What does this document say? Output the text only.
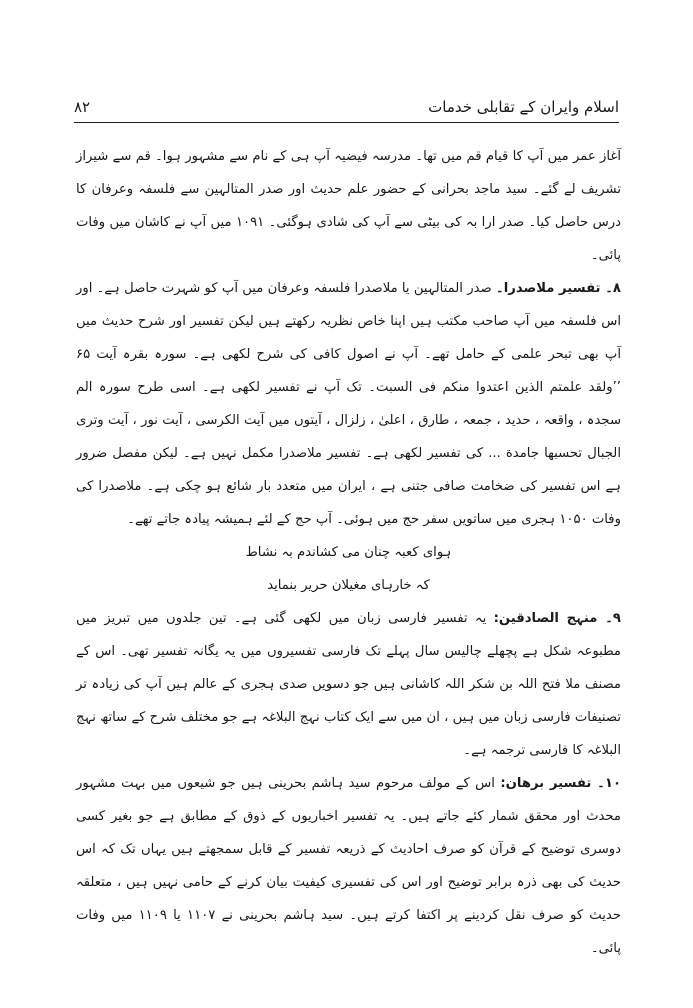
اسلام وایران کے تقابلی خدمات
۸۲

آغاز عمر میں آپ کا قیام قم میں تھا۔ مدرسہ فیضیہ آپ ہی کے نام سے مشہور ہوا۔ قم سے شیراز تشریف لے گئے۔ سید ماجد بحرانی کے حضور علم حدیث اور صدر المتالہین سے فلسفہ وعرفان کا درس حاصل کیا۔ صدر ارا بہ کی بیٹی سے آپ کی شادی ہوگئی۔ ۱۰۹۱ میں آپ نے کاشان میں وفات پائی۔

۸۔ تفسیر ملاصدرا۔ صدر المتالہین یا ملاصدرا فلسفہ وعرفان میں آپ کو شہرت حاصل ہے۔ اور اس فلسفہ میں آپ صاحب مکتب ہیں اپنا خاص نظریہ رکھتے ہیں لیکن تفسیر اور شرح حدیث میں آپ بھی تبحر علمی کے حامل تھے۔ آپ نے اصول کافی کی شرح لکھی ہے۔ سورہ بقرہ آیت ۶۵ ’’ولقد علمتم الذین اعتدوا منکم فی السبت۔ تک آپ نے تفسیر لکھی ہے۔ اسی طرح سورہ الم سجدہ ، واقعہ ، حدید ، جمعہ ، طارق ، اعلیٰ ، زلزال ، آیتوں میں آیت الکرسی ، آیت نور ، آیت وتری الجبال تحسبها جامدة ... کی تفسیر لکھی ہے۔ تفسیر ملاصدرا مکمل نہیں ہے۔ لیکن مفصل ضرور ہے اس تفسیر کی ضخامت صافی جتنی ہے ، ایران میں متعدد بار شائع ہو چکی ہے۔ ملاصدرا کی وفات ۱۰۵۰ ہجری میں ساتویں سفر حج میں ہوئی۔ آپ حج کے لئے ہمیشہ پیادہ جاتے تھے۔

ہوای کعبہ چنان می کشاندم بہ نشاط

کہ خارہای مغیلان حریر بنماید

۹۔ منہج الصادقین: یہ تفسیر فارسی زبان میں لکھی گئی ہے۔ تین جلدوں میں تبریز میں مطبوعہ شکل ہے پچھلے چالیس سال پہلے تک فارسی تفسیروں میں یہ یگانہ تفسیر تھی۔ اس کے مصنف ملا فتح اللہ بن شکر اللہ کاشانی ہیں جو دسویں صدی ہجری کے عالم ہیں آپ کی زیادہ تر تصنیفات فارسی زبان میں ہیں ، ان میں سے ایک کتاب نہج البلاغہ ہے جو مختلف شرح کے ساتھ نہج البلاغہ کا فارسی ترجمہ ہے۔

۱۰۔ تفسیر برھان: اس کے مولف مرحوم سید ہاشم بحرینی ہیں جو شیعوں میں بہت مشہور محدث اور محقق شمار کئے جاتے ہیں۔ یہ تفسیر اخباریوں کے ذوق کے مطابق ہے جو بغیر کسی دوسری توضیح کے قرآن کو صرف احادیث کے ذریعہ تفسیر کے قابل سمجھتے ہیں یہاں تک کہ اس حدیث کی بھی ذرہ برابر توضیح اور اس کی تفسیری کیفیت بیان کرنے کے حامی نہیں ہیں ، متعلقہ حدیث کو صرف نقل کردینے پر اکتفا کرتے ہیں۔ سید ہاشم بحرینی نے ۱۱۰۷ یا ۱۱۰۹ میں وفات پائی۔
